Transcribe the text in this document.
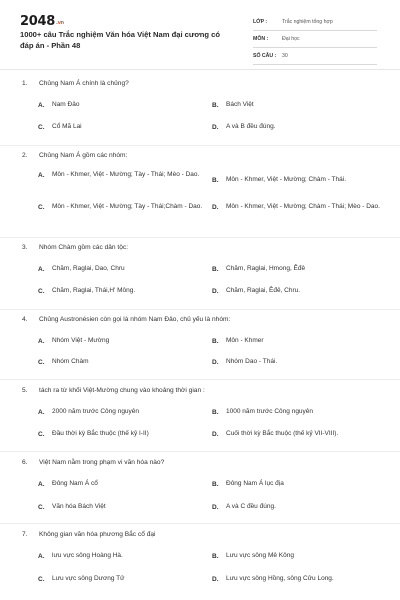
2048.vn
1000+ câu Trắc nghiệm Văn hóa Việt Nam đại cương có đáp án - Phần 48
LỚP :	Trắc nghiệm tổng hợp
MÔN :	Đại học
SỐ CÂU :	30
1. Chủng Nam Á chính là chủng?
A.	Nam Đảo	B.	Bách Việt
C.	Cổ Mã Lai	D.	A và B đều đúng.
2. Chủng Nam Á gồm các nhóm:
A.	Môn - Khmer, Việt - Mường; Tày - Thái; Mèo - Dao.
B.	Môn - Khmer, Việt - Mường; Chàm - Thái.
C.	Môn - Khmer, Việt - Mường; Tày - Thái;Chàm - Dao. D.	Môn - Khmer, Việt - Mường; Chàm - Thái; Mèo - Dao.
3. Nhóm Chàm gồm các dân tộc:
A.	Chăm, Raglai, Dao, Chru	B.	Chăm, Raglai, Hmong, Êđê
C.	Chăm, Raglai, Thái,H' Mông.	D.	Chăm, Raglai, Êđê, Chru.
4. Chủng Austronésien còn gọi là nhóm Nam Đảo, chủ yếu là nhóm:
A.	Nhóm Việt - Mường	B.	Môn - Khmer
C.	Nhóm Chàm	D.	Nhóm Dao - Thái.
5. tách ra từ khối Việt-Mường chung vào khoảng thời gian :
A.	2000 năm trước Công nguyên	B.	1000 năm trước Công nguyên
C.	Đầu thời kỳ Bắc thuộc (thế kỷ I-II)	D.	Cuối thời kỳ Bắc thuộc (thế kỷ VII-VIII).
6. Việt Nam nằm trong phạm vi văn hóa nào?
A.	Đông Nam Á cổ	B.	Đông Nam Á lục địa
C.	Văn hóa Bách Việt	D.	A và C đều đúng.
7. Không gian văn hóa phương Bắc cổ đại
A.	lưu vực sông Hoàng Hà.	B.	Lưu vực sông Mê Kông
C.	Lưu vực sông Dương Tử	D.	Lưu vực sông Hồng, sông Cửu Long.
